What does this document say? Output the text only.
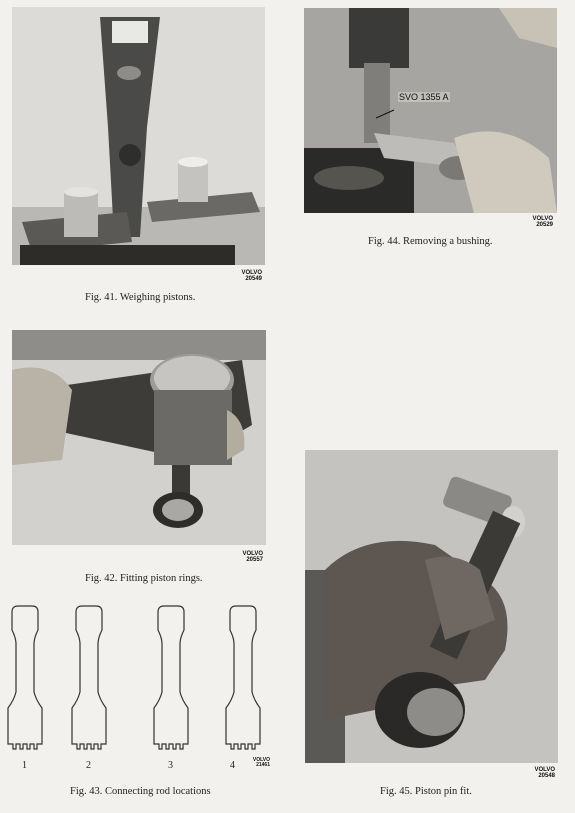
VOLVO
20549
Fig. 41. Weighing pistons.
SVO 1355 A
VOLVO
20529
Fig. 44. Removing a bushing.
VOLVO
20557
Fig. 42. Fitting piston rings.
1	2	3	4	VOLVO
21461
Fig. 43. Connecting rod locations
VOLVO
20548
Fig. 45. Piston pin fit.
